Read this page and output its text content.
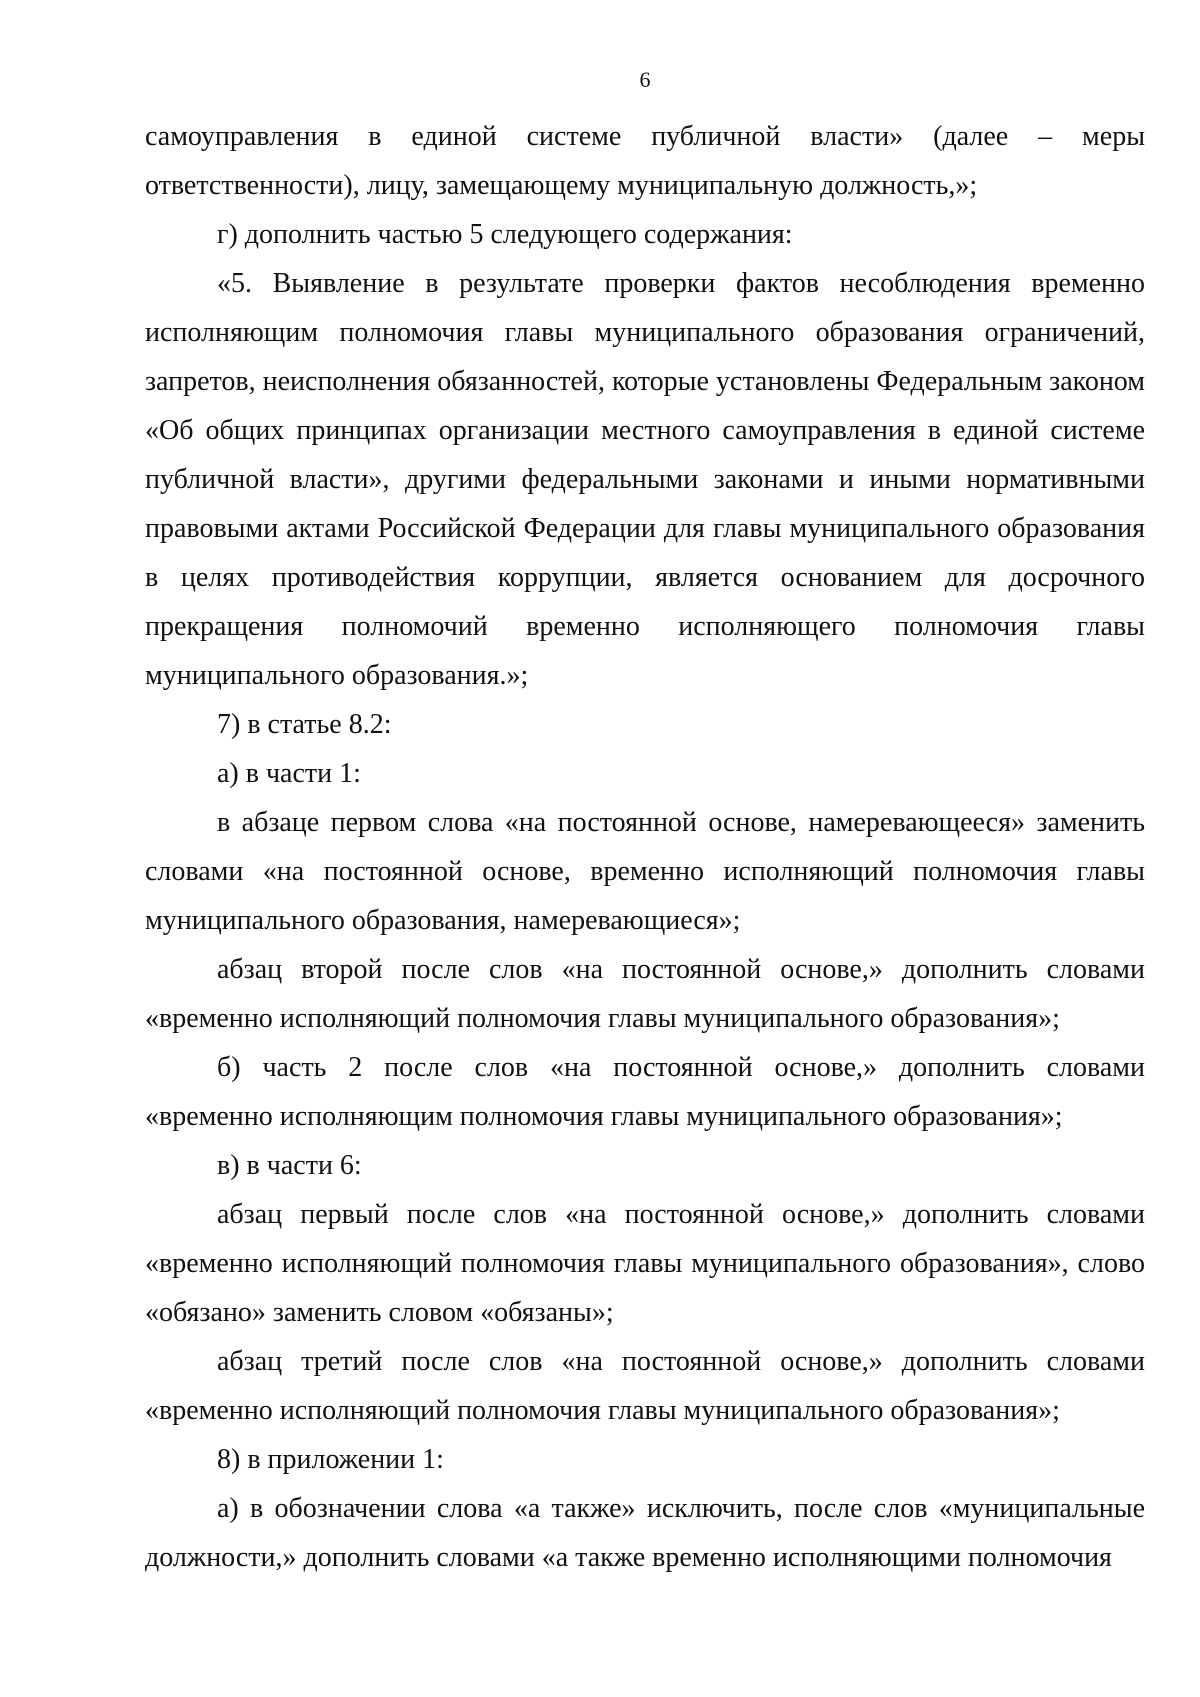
6

самоуправления в единой системе публичной власти» (далее – меры ответственности), лицу, замещающему муниципальную должность,»;

г) дополнить частью 5 следующего содержания:

«5. Выявление в результате проверки фактов несоблюдения временно исполняющим полномочия главы муниципального образования ограничений, запретов, неисполнения обязанностей, которые установлены Федеральным законом «Об общих принципах организации местного самоуправления в единой системе публичной власти», другими федеральными законами и иными нормативными правовыми актами Российской Федерации для главы муниципального образования в целях противодействия коррупции, является основанием для досрочного прекращения полномочий временно исполняющего полномочия главы муниципального образования.»;

7) в статье 8.2:

а) в части 1:

в абзаце первом слова «на постоянной основе, намеревающееся» заменить словами «на постоянной основе, временно исполняющий полномочия главы муниципального образования, намеревающиеся»;

абзац второй после слов «на постоянной основе,» дополнить словами «временно исполняющий полномочия главы муниципального образования»;

б) часть 2 после слов «на постоянной основе,» дополнить словами «временно исполняющим полномочия главы муниципального образования»;

в) в части 6:

абзац первый после слов «на постоянной основе,» дополнить словами «временно исполняющий полномочия главы муниципального образования», слово «обязано» заменить словом «обязаны»;

абзац третий после слов «на постоянной основе,» дополнить словами «временно исполняющий полномочия главы муниципального образования»;

8) в приложении 1:

а) в обозначении слова «а также» исключить, после слов «муниципальные должности,» дополнить словами «а также временно исполняющими полномочия
